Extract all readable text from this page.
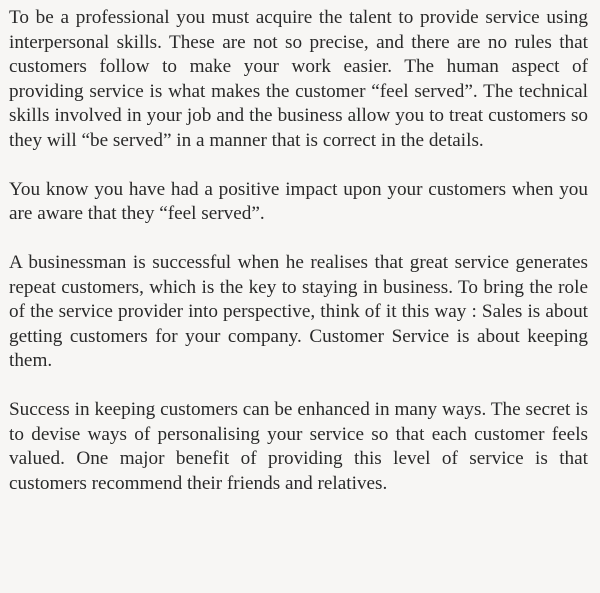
To be a professional you must acquire the talent to provide service using interpersonal skills. These are not so precise, and there are no rules that customers follow to make your work easier. The human aspect of providing service is what makes the customer “feel served”. The technical skills involved in your job and the business allow you to treat customers so they will “be served” in a manner that is correct in the details.

You know you have had a positive impact upon your customers when you are aware that they “feel served”.

A businessman is successful when he realises that great service generates repeat customers, which is the key to staying in business. To bring the role of the service provider into perspective, think of it this way : Sales is about getting customers for your company. Customer Service is about keeping them.

Success in keeping customers can be enhanced in many ways. The secret is to devise ways of personalising your service so that each customer feels valued. One major benefit of providing this level of service is that customers recommend their friends and relatives.
